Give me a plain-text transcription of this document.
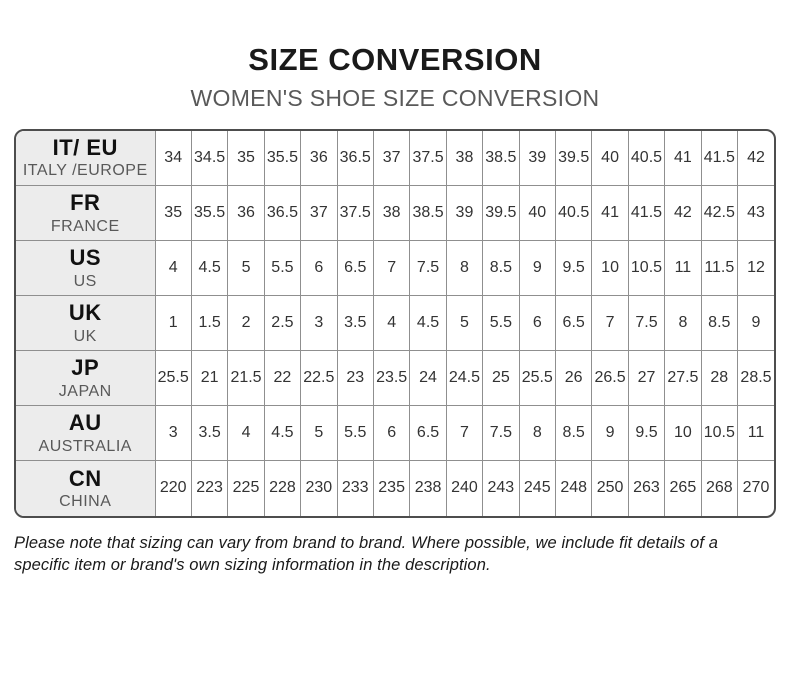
SIZE CONVERSION
WOMEN'S SHOE SIZE CONVERSION
IT/ EU
ITALY /EUROPE	34	34.5	35	35.5	36	36.5	37	37.5	38	38.5	39	39.5	40	40.5	41	41.5	42

FR
FRANCE	35	35.5	36	36.5	37	37.5	38	38.5	39	39.5	40	40.5	41	41.5	42	42.5	43

US
US	4	4.5	5	5.5	6	6.5	7	7.5	8	8.5	9	9.5	10	10.5	11	11.5	12

UK
UK	1	1.5	2	2.5	3	3.5	4	4.5	5	5.5	6	6.5	7	7.5	8	8.5	9

JP
JAPAN	25.5	21	21.5	22	22.5	23	23.5	24	24.5	25	25.5	26	26.5	27	27.5	28	28.5

AU
AUSTRALIA	3	3.5	4	4.5	5	5.5	6	6.5	7	7.5	8	8.5	9	9.5	10	10.5	11

CN
CHINA	220	223	225	228	230	233	235	238	240	243	245	248	250	263	265	268	270

Please note that sizing can vary from brand to brand. Where possible, we include fit details of a specific item or brand's own sizing information in the description.
